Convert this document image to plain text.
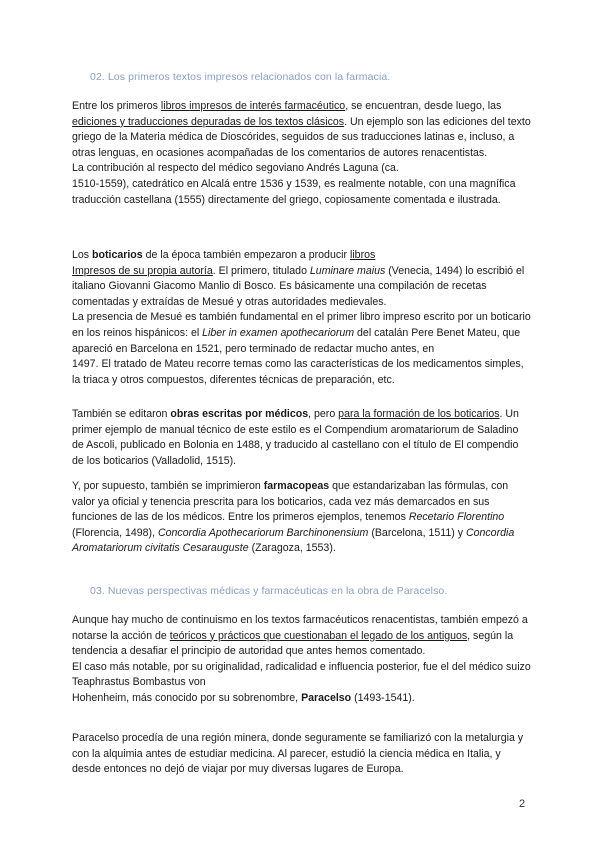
02. Los primeros textos impresos relacionados con la farmacia.

Entre los primeros libros impresos de interés farmacéutico, se encuentran, desde luego, las ediciones y traducciones depuradas de los textos clásicos. Un ejemplo son las ediciones del texto griego de la Materia médica de Dioscórides, seguidos de sus traducciones latinas e, incluso, a otras lenguas, en ocasiones acompañadas de los comentarios de autores renacentistas.

La contribución al respecto del médico segoviano Andrés Laguna (ca.

1510-1559), catedrático en Alcalá entre 1536 y 1539, es realmente notable, con una magnífica traducción castellana (1555) directamente del griego, copiosamente comentada e ilustrada.

Los boticarios de la época también empezaron a producir libros
Impresos de su propia autoría. El primero, titulado Luminare maius (Venecia, 1494) lo escribió el italiano Giovanni Giacomo Manlio di Bosco. Es básicamente una compilación de recetas comentadas y extraídas de Mesué y otras autoridades medievales.

La presencia de Mesué es también fundamental en el primer libro impreso escrito por un boticario en los reinos hispánicos: el Liber in examen apothecariorum del catalán Pere Benet Mateu, que apareció en Barcelona en 1521, pero terminado de redactar mucho antes, en

1497. El tratado de Mateu recorre temas como las características de los medicamentos simples, la triaca y otros compuestos, diferentes técnicas de preparación, etc.

También se editaron obras escritas por médicos, pero para la formación de los boticarios. Un primer ejemplo de manual técnico de este estilo es el Compendium aromatariorum de Saladino de Ascoli, publicado en Bolonia en 1488, y traducido al castellano con el título de El compendio de los boticarios (Valladolid, 1515).

Y, por supuesto, también se imprimieron farmacopeas que estandarizaban las fórmulas, con valor ya oficial y tenencia prescrita para los boticarios, cada vez más demarcados en sus funciones de las de los médicos. Entre los primeros ejemplos, tenemos Recetario Florentino (Florencia, 1498), Concordia Apothecariorum Barchinonensium (Barcelona, 1511) y Concordia Aromatariorum civitatis Cesarauguste (Zaragoza, 1553).

03. Nuevas perspectivas médicas y farmacéuticas en la obra de Paracelso.

Aunque hay mucho de continuismo en los textos farmacéuticos renacentistas, también empezó a notarse la acción de teóricos y prácticos que cuestionaban el legado de los antiguos, según la tendencia a desafiar el principio de autoridad que antes hemos comentado.

El caso más notable, por su originalidad, radicalidad e influencia posterior, fue el del médico suizo Teaphrastus Bombastus von

Hohenheim, más conocido por su sobrenombre, Paracelso (1493-1541).

Paracelso procedía de una región minera, donde seguramente se familiarizó con la metalurgia y con la alquimia antes de estudiar medicina. Al parecer, estudió la ciencia médica en Italia, y desde entonces no dejó de viajar por muy diversas lugares de Europa.

2
